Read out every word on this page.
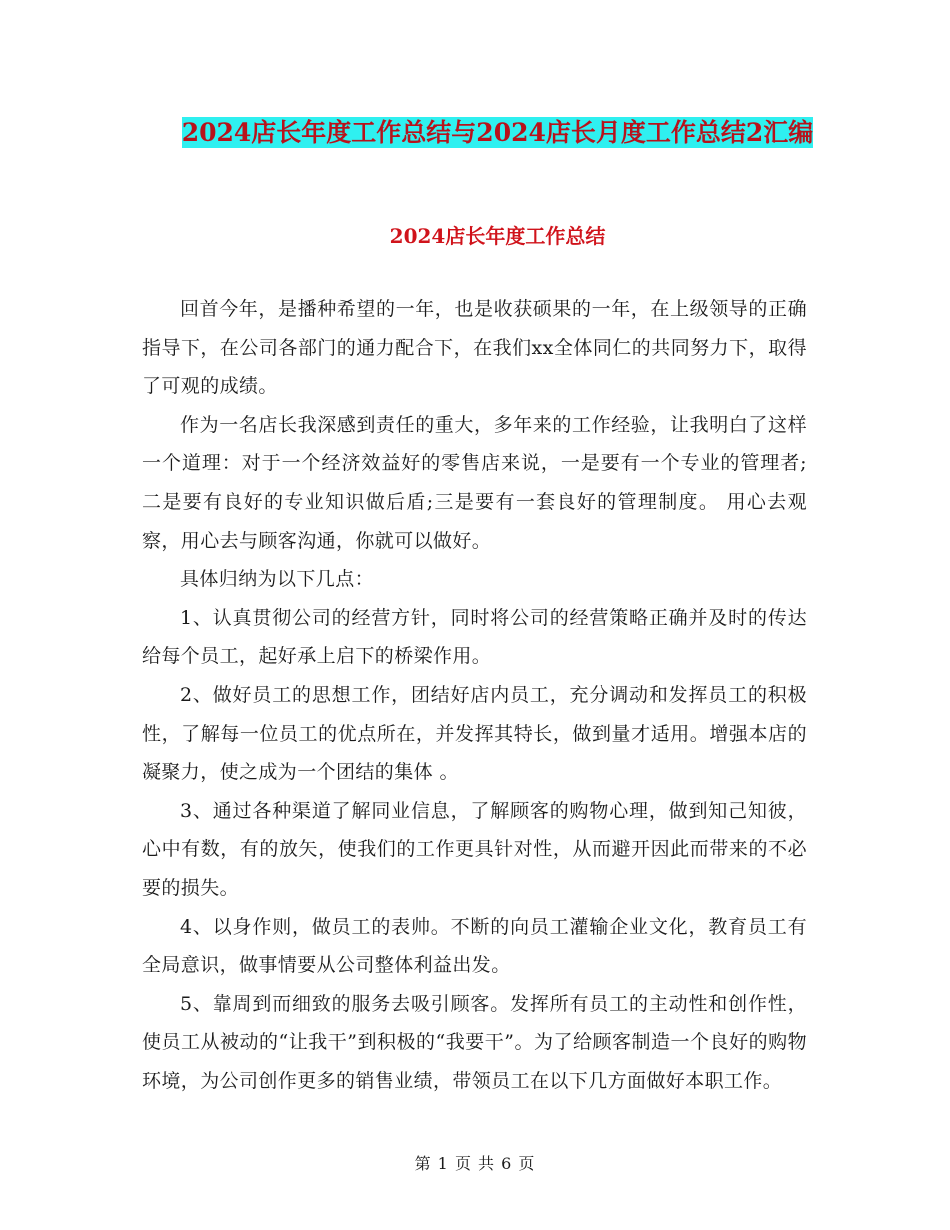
2024店长年度工作总结与2024店长月度工作总结2汇编
2024店长年度工作总结

回首今年，是播种希望的一年，也是收获硕果的一年，在上级领导的正确指导下，在公司各部门的通力配合下，在我们xx全体同仁的共同努力下，取得了可观的成绩。

作为一名店长我深感到责任的重大，多年来的工作经验，让我明白了这样一个道理：对于一个经济效益好的零售店来说，一是要有一个专业的管理者;二是要有良好的专业知识做后盾;三是要有一套良好的管理制度。 用心去观察，用心去与顾客沟通，你就可以做好。

具体归纳为以下几点：

1、认真贯彻公司的经营方针，同时将公司的经营策略正确并及时的传达给每个员工，起好承上启下的桥梁作用。

2、做好员工的思想工作，团结好店内员工，充分调动和发挥员工的积极性，了解每一位员工的优点所在，并发挥其特长，做到量才适用。增强本店的凝聚力，使之成为一个团结的集体 。

3、通过各种渠道了解同业信息，了解顾客的购物心理，做到知己知彼，心中有数，有的放矢，使我们的工作更具针对性，从而避开因此而带来的不必要的损失。

4、以身作则，做员工的表帅。不断的向员工灌输企业文化，教育员工有全局意识，做事情要从公司整体利益出发。

5、靠周到而细致的服务去吸引顾客。发挥所有员工的主动性和创作性，使员工从被动的“让我干”到积极的“我要干”。为了给顾客制造一个良好的购物环境，为公司创作更多的销售业绩，带领员工在以下几方面做好本职工作。

第 1 页 共 6 页
